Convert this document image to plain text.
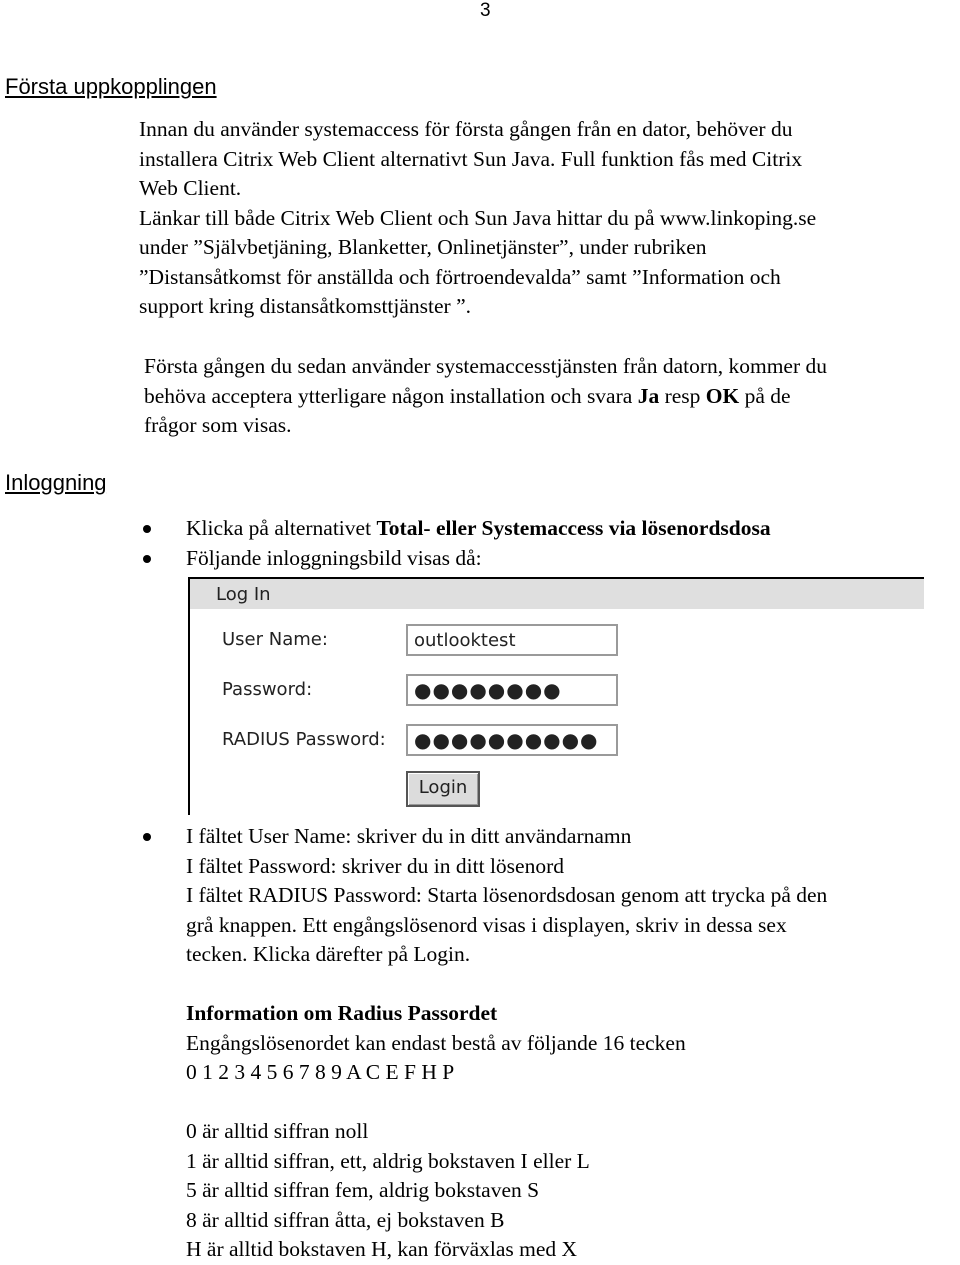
3
Första uppkopplingen

Innan du använder systemaccess för första gången från en dator, behöver du

installera Citrix Web Client alternativt Sun Java. Full funktion fås med Citrix

Web Client.

Länkar till både Citrix Web Client och Sun Java hittar du på www.linkoping.se

under ”Självbetjäning, Blanketter, Onlinetjänster”, under rubriken

”Distansåtkomst för anställda och förtroendevalda” samt ”Information och

support kring distansåtkomsttjänster ”.

Första gången du sedan använder systemaccesstjänsten från datorn, kommer du

behöva acceptera ytterligare någon installation och svara Ja resp OK på de

frågor som visas.

Inloggning
Klicka på alternativet Total- eller Systemaccess via lösenordsdosa
Följande inloggningsbild visas då:
Log In
User Name:	outlooktest
Password:	●●●●●●●●
RADIUS Password:	●●●●●●●●●●
Login
I fältet User Name: skriver du in ditt användarnamn
I fältet Password: skriver du in ditt lösenord
I fältet RADIUS Password: Starta lösenordsdosan genom att trycka på den
grå knappen. Ett engångslösenord visas i displayen, skriv in dessa sex
tecken. Klicka därefter på Login.

Information om Radius Passordet

Engångslösenordet kan endast bestå av följande 16 tecken

0 1 2 3 4 5 6 7 8 9 A C E F H P

0 är alltid siffran noll

1 är alltid siffran, ett, aldrig bokstaven I eller L

5 är alltid siffran fem, aldrig bokstaven S

8 är alltid siffran åtta, ej bokstaven B

H är alltid bokstaven H, kan förväxlas med X
